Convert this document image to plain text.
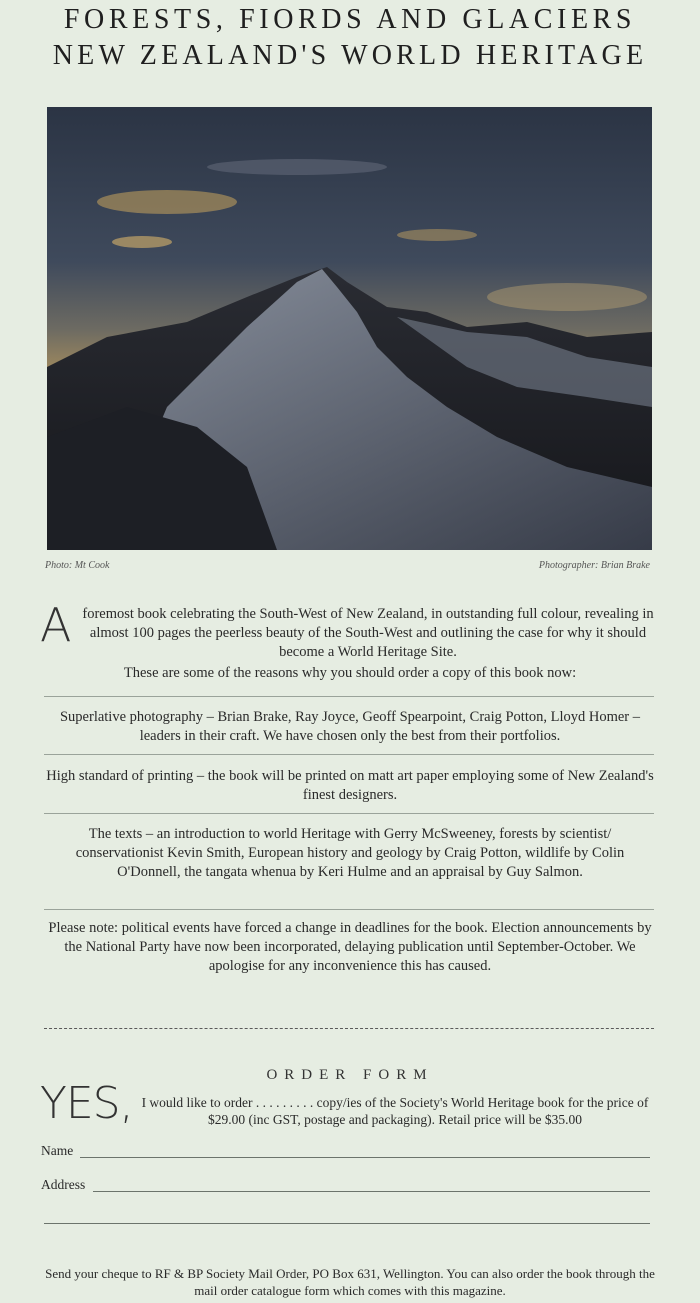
FORESTS, FIORDS AND GLACIERS
NEW ZEALAND'S WORLD HERITAGE
Photo: Mt Cook	Photographer: Brian Brake
A foremost book celebrating the South-West of New Zealand, in outstanding full colour, revealing in almost 100 pages the peerless beauty of the South-West and outlining the case for why it should become a World Heritage Site.

These are some of the reasons why you should order a copy of this book now:

Superlative photography – Brian Brake, Ray Joyce, Geoff Spearpoint, Craig Potton, Lloyd Homer – leaders in their craft. We have chosen only the best from their portfolios.

High standard of printing – the book will be printed on matt art paper employing some of New Zealand's finest designers.

The texts – an introduction to world Heritage with Gerry McSweeney, forests by scientist/ conservationist Kevin Smith, European history and geology by Craig Potton, wildlife by Colin O'Donnell, the tangata whenua by Keri Hulme and an appraisal by Guy Salmon.

Please note: political events have forced a change in deadlines for the book. Election announcements by the National Party have now been incorporated, delaying publication until September-October. We apologise for any inconvenience this has caused.

ORDER FORM
YES, I would like to order . . . . . . . . . copy/ies of the Society's World Heritage book for the price of $29.00 (inc GST, postage and packaging). Retail price will be $35.00
Name
Address
Send your cheque to RF & BP Society Mail Order, PO Box 631, Wellington. You can also order the book through the mail order catalogue form which comes with this magazine.
